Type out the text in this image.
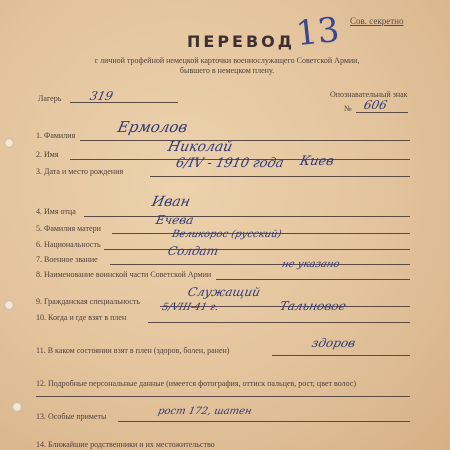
Сов. секретно
ПЕРЕВОД
с личной трофейной немецкой карточки военнослужащего Советской Армии,
бывшего в немецком плену.
13
Лагерь 319	Опознавательный знак
№ 606
1. Фамилия	Ермолов
2. Имя	Николай
3. Дата и место рождения
6/IV - 1910 года Киев
4. Имя отца
Иван
5. Фамилия матери
Ечева
6. Национальность
Великорос (русский)
7. Военное звание
Солдат
8. Наименование воинской части Советской Армии
не указано
9. Гражданская специальность
Служащий
10. Когда и где взят в плен
5/VIII-41 г.	Тальновое
11. В каком состоянии взят в плен (здоров, болен, ранен)
здоров
12. Подробные персональные данные (имеется фотография, оттиск пальцев, рост, цвет волос)
13. Особые приметы	рост 172, шатен
14. Ближайшие родственники и их местожительство
